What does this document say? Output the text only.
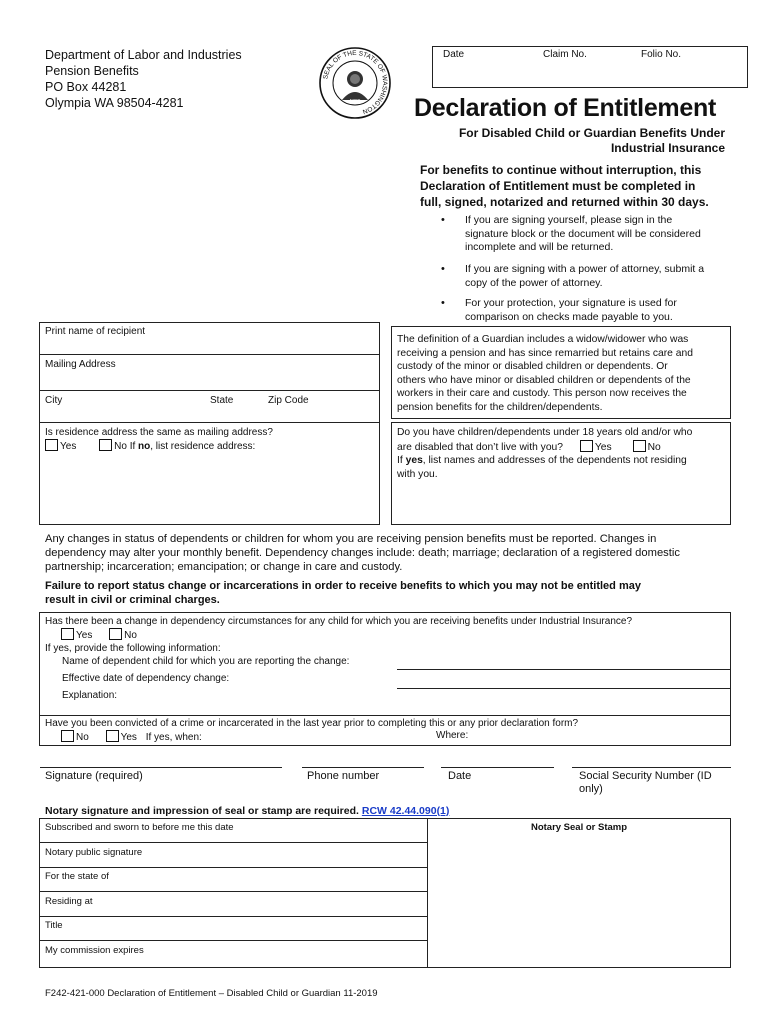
Department of Labor and Industries
Pension Benefits
PO Box 44281
Olympia WA 98504-4281
SEAL OF THE STATE OF WASHINGTON
1889
Date	Claim No.	Folio No.
Declaration of Entitlement
For Disabled Child or Guardian Benefits Under
Industrial Insurance
For benefits to continue without interruption, this
Declaration of Entitlement must be completed in
full, signed, notarized and returned within 30 days.
• If you are signing yourself, please sign in the
signature block or the document will be considered
incomplete and will be returned.
• If you are signing with a power of attorney, submit a
copy of the power of attorney.
• For your protection, your signature is used for
comparison on checks made payable to you.
Print name of recipient
Mailing Address
City	State	Zip Code
Is residence address the same as mailing address?
Yes	No If no, list residence address:
The definition of a Guardian includes a widow/widower who was
receiving a pension and has since remarried but retains care and
custody of the minor or disabled children or dependents. Or
others who have minor or disabled children or dependents of the
workers in their care and custody. This person now receives the
pension benefits for the children/dependents.
Do you have children/dependents under 18 years old and/or who
are disabled that don’t live with you?	Yes	No
If yes, list names and addresses of the dependents not residing
with you.
Any changes in status of dependents or children for whom you are receiving pension benefits must be reported. Changes in
dependency may alter your monthly benefit. Dependency changes include: death; marriage; declaration of a registered domestic
partnership; incarceration; emancipation; or change in care and custody.
Failure to report status change or incarcerations in order to receive benefits to which you may not be entitled may
result in civil or criminal charges.
Has there been a change in dependency circumstances for any child for which you are receiving benefits under Industrial Insurance?
Yes	No
If yes, provide the following information:
Name of dependent child for which you are reporting the change:
Effective date of dependency change:
Explanation:
Have you been convicted of a crime or incarcerated in the last year prior to completing this or any prior declaration form?
No	Yes If yes, when:	Where:
Signature (required)	Phone number	Date	Social Security Number (ID
only)
Notary signature and impression of seal or stamp are required. RCW 42.44.090(1)
Subscribed and sworn to before me this date
Notary public signature
For the state of
Residing at
Title
My commission expires
Notary Seal or Stamp
F242-421-000 Declaration of Entitlement – Disabled Child or Guardian 11-2019
